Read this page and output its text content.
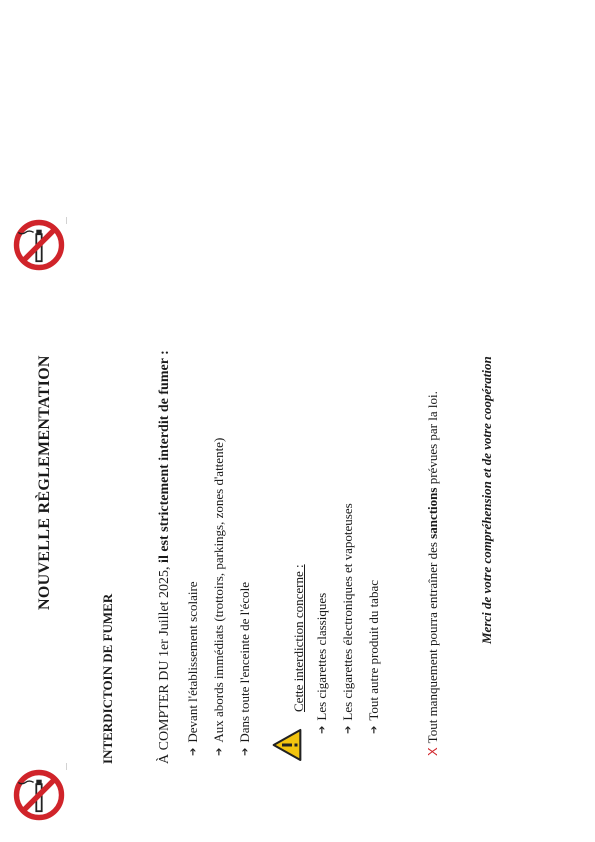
—
—
NOUVELLE RÈGLEMENTATION
INTERDICTOIN DE FUMER	À COMPTER DU 1er Juillet 2025, il est strictement interdit de fumer :
➔Devant l'établissement scolaire
➔Aux abords immédiats (trottoirs, parkings, zones d'attente)
➔Dans toute l'enceinte de l'école	Cette interdiction concerne :
➔Les cigarettes classiques
➔Les cigarettes électroniques et vapoteuses
➔Tout autre produit du tabac
XTout manquement pourra entraîner des sanctions prévues par la loi.	Merci de votre compréhension et de votre coopération
